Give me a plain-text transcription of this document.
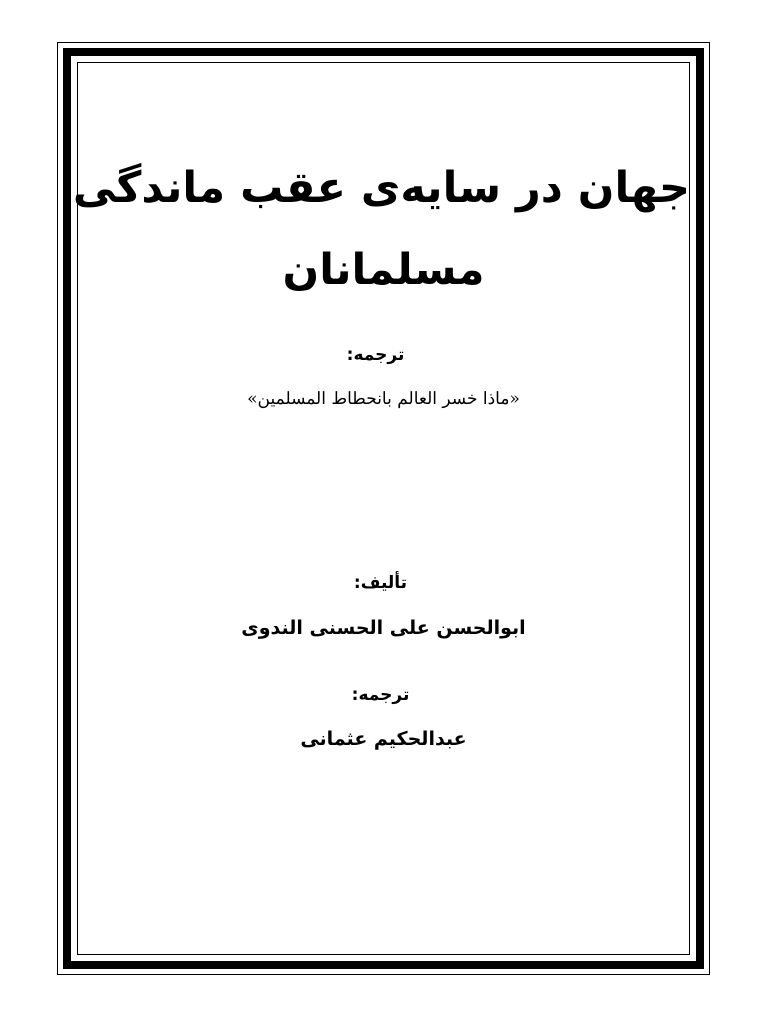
جهان در سایه‌ی عقب ماندگی
مسلمانان
ترجمه:
«ماذا خسر العالم بانحطاط المسلمين»
تألیف:
ابوالحسن علی الحسنی الندوی
ترجمه:
عبدالحکیم عثمانی
